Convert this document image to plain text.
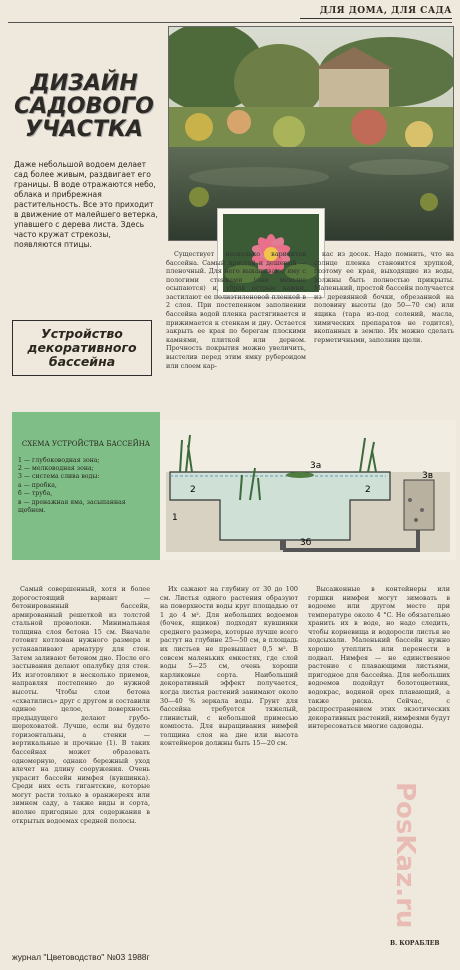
ДЛЯ ДОМА, ДЛЯ САДА
ДИЗАЙН
САДОВОГО
УЧАСТКА
Даже небольшой водоем делает сад более живым, раздвигает его границы. В воде отражаются небо, облака и прибрежная растительность. Все это приходит в движение от малейшего ветерка, упавшего с дерева листа. Здесь часто кружат стрекозы, появляются птицы.

Существует несколько вариантов бассейна. Самый простой и дешевый — пленочный. Для него выкапывают яму с пологими стенками (они меньше осыпаются) и, убрав острые камни, застилают ее полиэтиленовой пленкой в 2 слоя. При постепенном заполнении бассейна водой пленка растягивается и прижимается к стенкам и дну. Остается закрыть ее края по берегам плоскими камнями, плиткой или дерном. Прочность покрытия можно увеличить, выстелив перед этим ямку рубероидом или слоем кар-

кас из досок. Надо помнить, что на солнце пленка становится хрупкой, поэтому ее края, выходящие из воды, должны быть полностью прикрыты. Маленький, простой бассейн получается из деревянной бочки, обрезанной на половину высоты (до 50—70 см) или ящика (тара из-под солений, масла, химических препаратов не годится), вкопанных в землю. Их можно сделать герметичными, заполнив щели.

Устройство декоративного бассейна
СХЕМА УСТРОЙСТВА БАССЕЙНА
1 — глубоководная зона;
2 — мелководная зона;
3 — система слива воды:
а — пробка,
б — труба,
в — дренажная яма, засыпанная щебнем.
1
2	2
3а
3б
3в

Самый совершенный, хотя и более дорогостоящий вариант — бетонированный бассейн, армированный решеткой из толстой стальной проволоки. Минимальная толщина слоя бетона 15 см. Вначале готовят котлован нужного размера и устанавливают арматуру для стен. Затем заливают бетоном дно. После его застывания делают опалубку для стен. Их изготовляют в несколько приемов, направляя постепенно до нужной высоты. Чтобы слои бетона «схватились» друг с другом и составили единое целое, поверхность предыдущего делают грубо-шероховатой. Лучше, если вы будете горизонтальны, а стенки — вертикальные и прочные (1). В таких бассейнах может образовать одномерную, однако бережный уход влечет на длину сооружения. Очень украсит бассейн нимфея (кувшинка). Среди них есть гигантские, которые могут расти только в оранжереях или зимнем саду, а также виды и сорта, вполне пригодные для содержания в открытых водоемах средней полосы.

Их сажают на глубину от 30 до 100 см. Листья одного растения образуют на поверхности воды круг площадью от 1 до 4 м². Для небольших водоемов (бочек, ящиков) подходят кувшинки среднего размера, которые лучше всего растут на глубине 25—50 см, в площадь их листьев не превышает 0,5 м². В совсем маленьких емкостях, где слой воды 5—25 см, очень хороши карликовые сорта. Наибольший декоративный эффект получается, когда листья растений занимают около 30—40 % зеркала воды. Грунт для бассейна требуется тяжелый, глинистый, с небольшой примесью компоста. Для выращивания нимфей толщина слоя на дне или высота контейнеров должны быть 15—20 см.

Высаженные в контейнеры или горшки нимфеи могут зимовать в водоеме или другом месте при температуре около 4 °C. Не обязательно хранить их в воде, но надо следить, чтобы корневища и водоросли листья не подсыхали. Маленький бассейн нужно хорошо утеплить или перенести в подвал. Нимфея — не единственное растение с плавающими листьями, пригодное для бассейна. Для небольших водоемов подойдут болотоцветник, водокрас, водяной орех плавающий, а также ряска. Сейчас, с распространением этих экзотических декоративных растений, нимфеями будут интересоваться многие садоводы.

PosKaz.ru
В. КОРАБЛЕВ
журнал "Цветоводство" №03 1988г
